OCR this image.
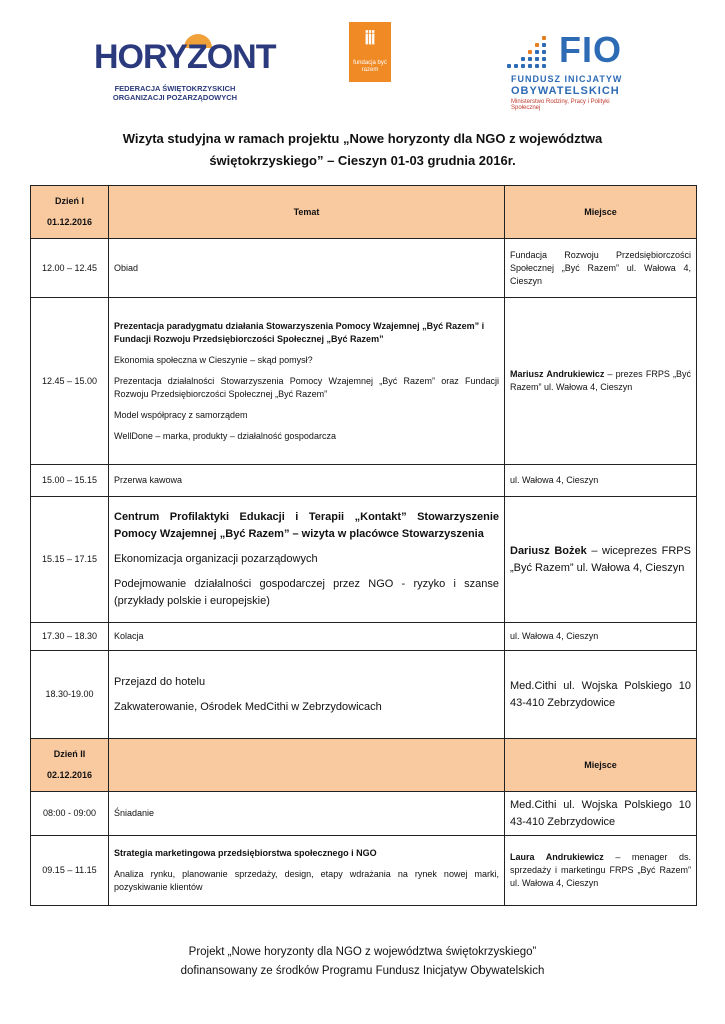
HORYZONT
FEDERACJA ŚWIĘTOKRZYSKICH ORGANIZACJI POZARZĄDOWYCH
ⅲ
fundacja być razem	FIO
FUNDUSZ INICJATYW
OBYWATELSKICH
Ministerstwo Rodziny, Pracy i Polityki Społecznej
Wizyta studyjna w ramach projektu „Nowe horyzonty dla NGO z województwa
świętokrzyskiego” – Cieszyn 01-03 grudnia 2016r.

Dzień I

01.12.2016	Temat	Miejsce
12.00 – 12.45	Obiad	Fundacja Rozwoju Przedsiębiorczości Społecznej „Być Razem” ul. Wałowa 4, Cieszyn
12.45 – 15.00	Prezentacja paradygmatu działania Stowarzyszenia Pomocy Wzajemnej „Być Razem” i Fundacji Rozwoju Przedsiębiorczości Społecznej „Być Razem”

Ekonomia społeczna w Cieszynie – skąd pomysł?

Prezentacja działalności Stowarzyszenia Pomocy Wzajemnej „Być Razem” oraz Fundacji Rozwoju Przedsiębiorczości Społecznej „Być Razem”

Model współpracy z samorządem

WellDone – marka, produkty – działalność gospodarcza	Mariusz Andrukiewicz – prezes FRPS „Być Razem” ul. Wałowa 4, Cieszyn
15.00 – 15.15	Przerwa kawowa	ul. Wałowa 4, Cieszyn
15.15 – 17.15	Centrum Profilaktyki Edukacji i Terapii „Kontakt” Stowarzyszenie Pomocy Wzajemnej „Być Razem” – wizyta w placówce Stowarzyszenia

Ekonomizacja organizacji pozarządowych

Podejmowanie działalności gospodarczej przez NGO - ryzyko i szanse (przykłady polskie i europejskie)	Dariusz Bożek – wiceprezes FRPS „Być Razem” ul. Wałowa 4, Cieszyn
17.30 – 18.30	Kolacja	ul. Wałowa 4, Cieszyn
18.30-19.00	Przejazd do hotelu

Zakwaterowanie, Ośrodek MedCithi w Zebrzydowicach	Med.Cithi ul. Wojska Polskiego 10 43-410 Zebrzydowice

Dzień II

02.12.2016		Miejsce
08:00 - 09:00	Śniadanie	Med.Cithi ul. Wojska Polskiego 10 43-410 Zebrzydowice
09.15 – 11.15	Strategia marketingowa przedsiębiorstwa społecznego i NGO

Analiza rynku, planowanie sprzedaży, design, etapy wdrażania na rynek nowej marki, pozyskiwanie klientów	Laura Andrukiewicz – menager ds. sprzedaży i marketingu FRPS „Być Razem” ul. Wałowa 4, Cieszyn
Projekt „Nowe horyzonty dla NGO z województwa świętokrzyskiego”
dofinansowany ze środków Programu Fundusz Inicjatyw Obywatelskich
